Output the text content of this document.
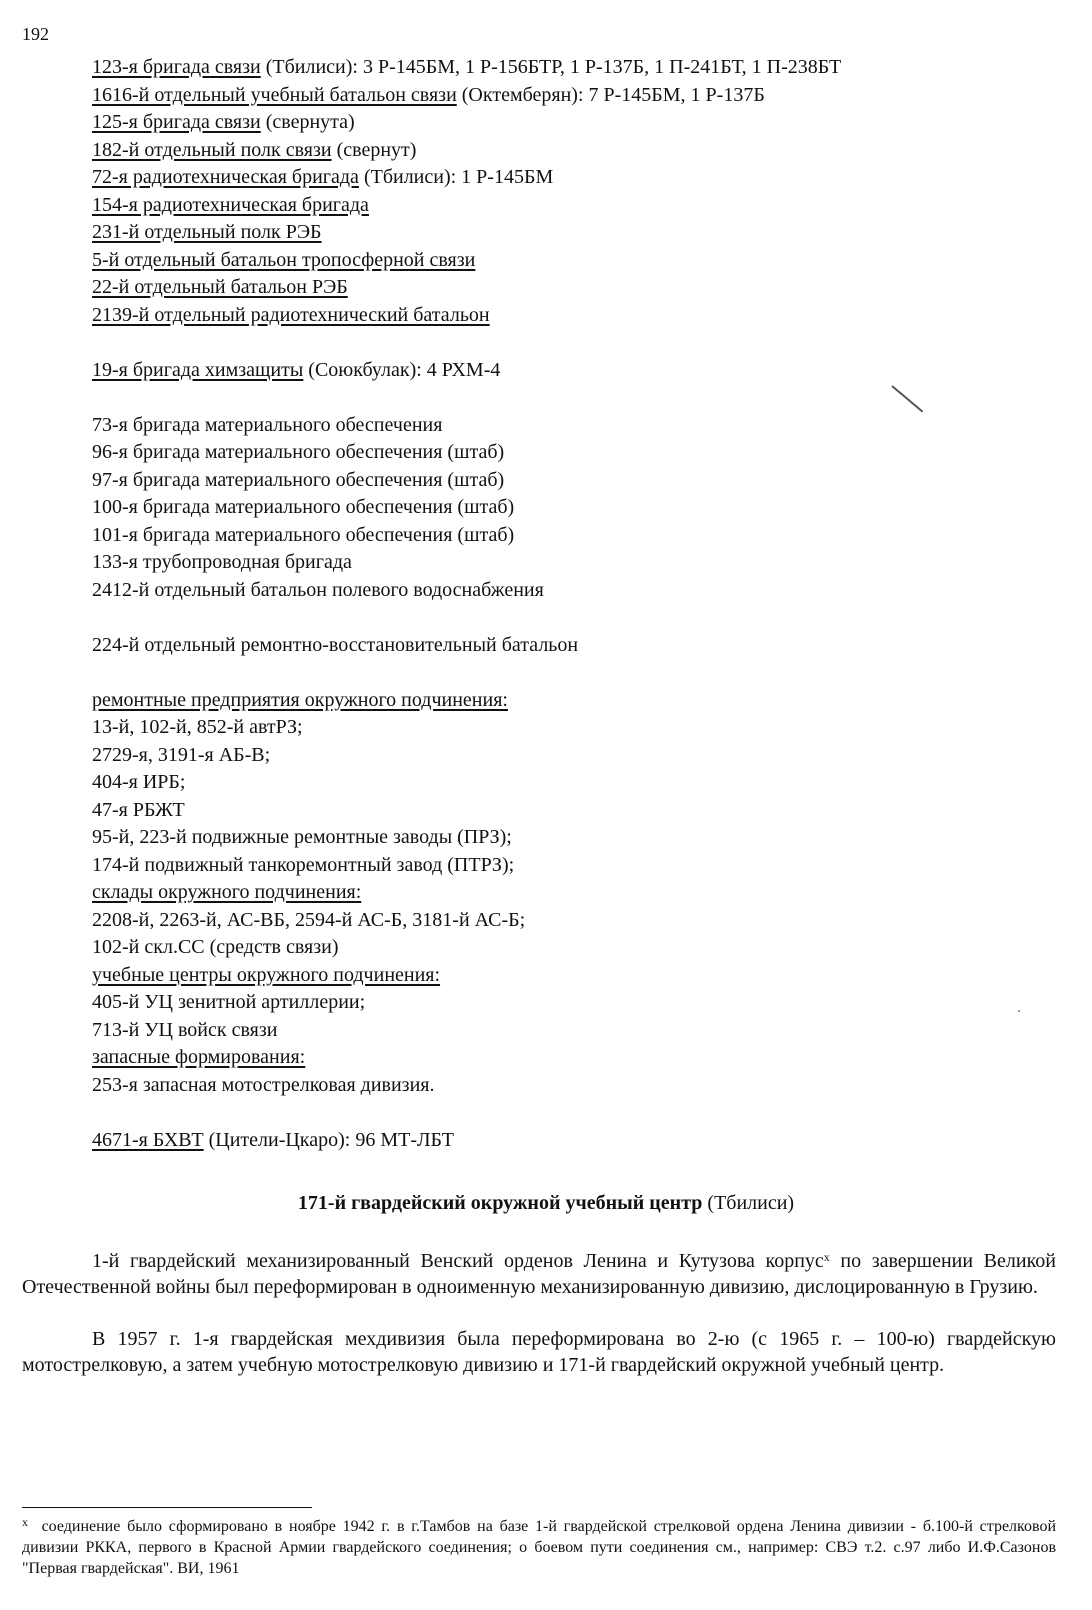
192
123-я бригада связи (Тбилиси): 3 Р-145БМ, 1 Р-156БТР, 1 Р-137Б, 1 П-241БТ, 1 П-238БТ
1616-й отдельный учебный батальон связи (Октемберян): 7 Р-145БМ, 1 Р-137Б
125-я бригада связи (свернута)
182-й отдельный полк связи (свернут)
72-я радиотехническая бригада (Тбилиси): 1 Р-145БМ
154-я радиотехническая бригада
231-й отдельный полк РЭБ
5-й отдельный батальон тропосферной связи
22-й отдельный батальон РЭБ
2139-й отдельный радиотехнический батальон
19-я бригада химзащиты (Союкбулак): 4 РХМ-4
73-я бригада материального обеспечения
96-я бригада материального обеспечения (штаб)
97-я бригада материального обеспечения (штаб)
100-я бригада материального обеспечения (штаб)
101-я бригада материального обеспечения (штаб)
133-я трубопроводная бригада
2412-й отдельный батальон полевого водоснабжения
224-й отдельный ремонтно-восстановительный батальон
ремонтные предприятия окружного подчинения:
13-й, 102-й, 852-й автРЗ;
2729-я, 3191-я АБ-В;
404-я ИРБ;
47-я РБЖТ
95-й, 223-й подвижные ремонтные заводы (ПРЗ);
174-й подвижный танкоремонтный завод (ПТРЗ);
склады окружного подчинения:
2208-й, 2263-й, АС-ВБ, 2594-й АС-Б, 3181-й АС-Б;
102-й скл.СС (средств связи)
учебные центры окружного подчинения:
405-й УЦ зенитной артиллерии;
713-й УЦ войск связи
запасные формирования:
253-я запасная мотострелковая дивизия.
4671-я БХВТ (Цители-Цкаро): 96 МТ-ЛБТ
171-й гвардейский окружной учебный центр (Тбилиси)
1-й гвардейский механизированный Венский орденов Ленина и Кутузова корпус$^x$ по завершении Великой Отечественной войны был переформирован в одноименную механизированную дивизию, дислоцированную в Грузию.
В 1957 г. 1-я гвардейская мехдивизия была переформирована во 2-ю (с 1965 г. – 100-ю) гвардейскую мотострелковую, а затем учебную мотострелковую дивизию и 171-й гвардейский окружной учебный центр.
$^x$ соединение было сформировано в ноябре 1942 г. в г.Тамбов на базе 1-й гвардейской стрелковой ордена Ленина дивизии - б.100-й стрелковой дивизии РККА, первого в Красной Армии гвардейского соединения; о боевом пути соединения см., например: СВЭ т.2. с.97 либо И.Ф.Сазонов "Первая гвардейская". ВИ, 1961
